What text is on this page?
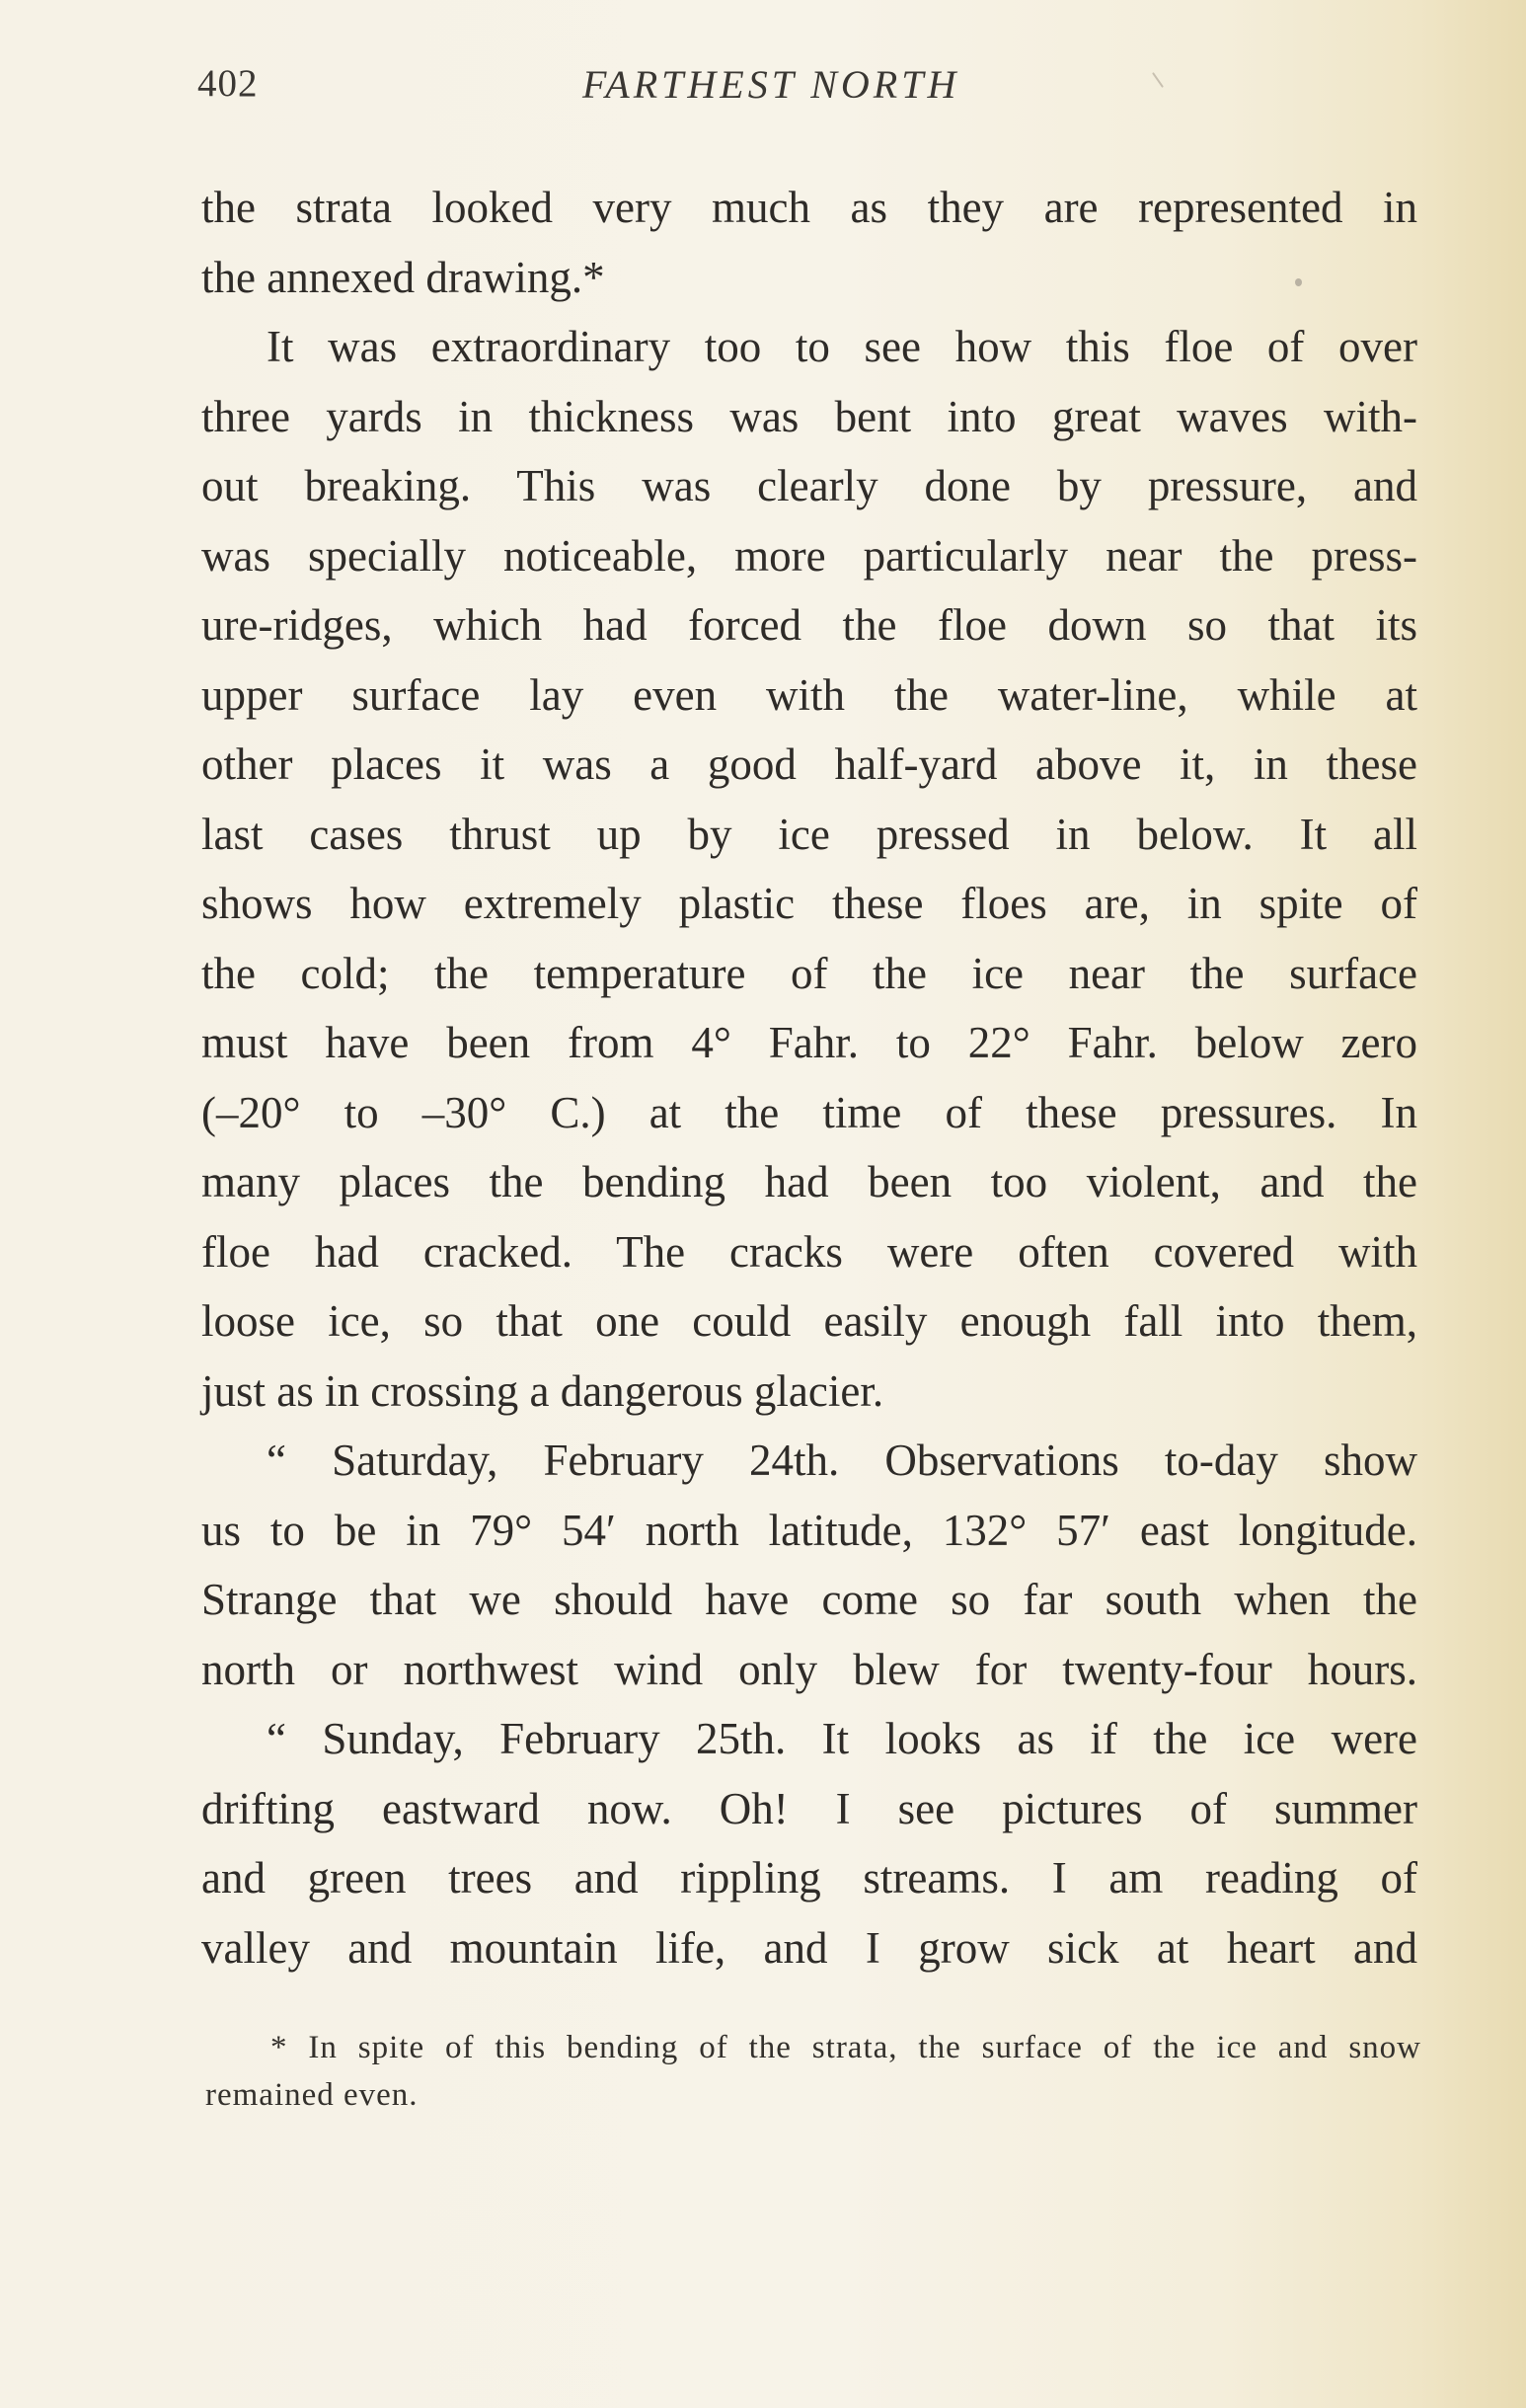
402	FARTHEST NORTH
the strata looked very much as they are represented in
the annexed drawing.*
It was extraordinary too to see how this floe of over
three yards in thickness was bent into great waves with-
out breaking. This was clearly done by pressure, and
was specially noticeable, more particularly near the press-
ure-ridges, which had forced the floe down so that its
upper surface lay even with the water-line, while at
other places it was a good half-yard above it, in these
last cases thrust up by ice pressed in below. It all
shows how extremely plastic these floes are, in spite of
the cold; the temperature of the ice near the surface
must have been from 4° Fahr. to 22° Fahr. below zero
(–20° to –30° C.) at the time of these pressures. In
many places the bending had been too violent, and the
floe had cracked. The cracks were often covered with
loose ice, so that one could easily enough fall into them,
just as in crossing a dangerous glacier.
“ Saturday, February 24th. Observations to-day show
us to be in 79° 54′ north latitude, 132° 57′ east longitude.
Strange that we should have come so far south when the
north or northwest wind only blew for twenty-four hours.
“ Sunday, February 25th. It looks as if the ice were
drifting eastward now. Oh! I see pictures of summer
and green trees and rippling streams. I am reading of
valley and mountain life, and I grow sick at heart and
* In spite of this bending of the strata, the surface of the ice and snow
remained even.
